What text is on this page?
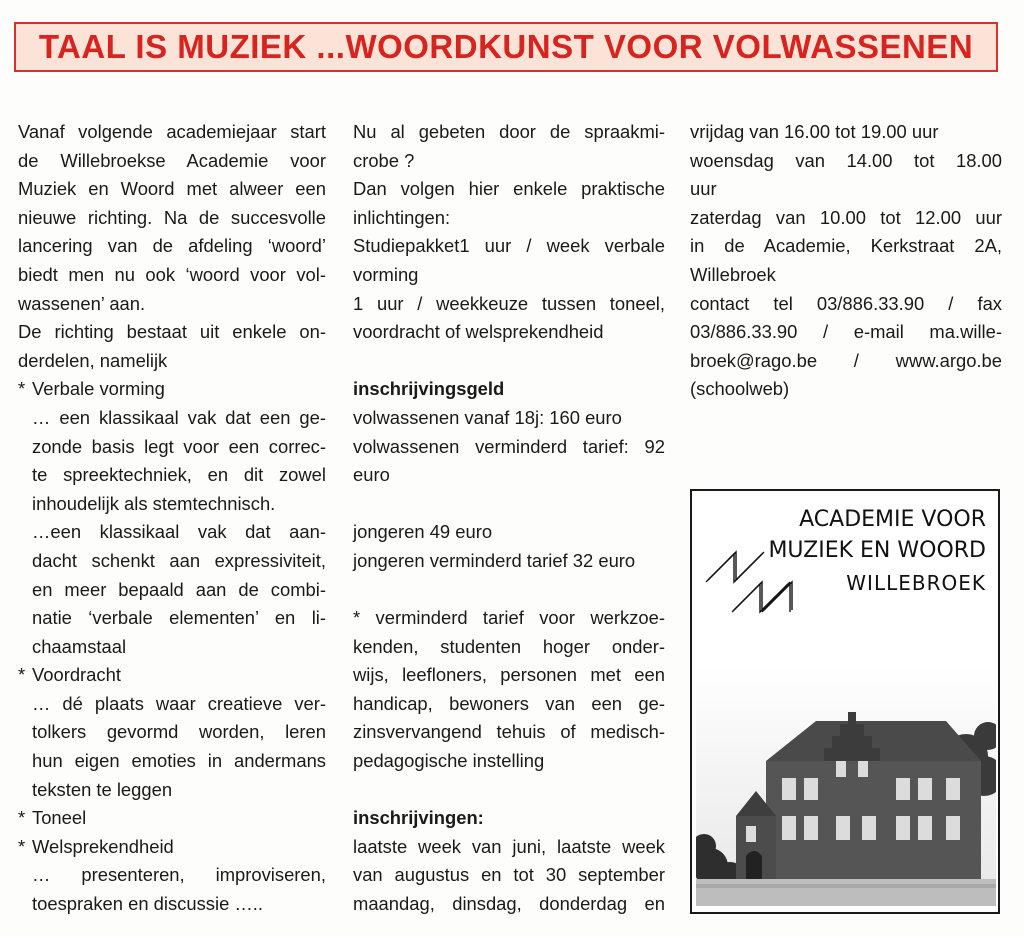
TAAL IS MUZIEK ...WOORDKUNST VOOR VOLWASSENEN

Vanaf volgende academiejaar start

de Willebroekse Academie voor

Muziek en Woord met alweer een

nieuwe richting. Na de succesvolle

lancering van de afdeling ‘woord’

biedt men nu ook ‘woord voor vol-

wassenen’ aan.

De richting bestaat uit enkele on-

derdelen, namelijk

* Verbale vorming

… een klassikaal vak dat een ge-

zonde basis legt voor een correc-

te spreektechniek, en dit zowel

inhoudelijk als stemtechnisch.

…een klassikaal vak dat aan-

dacht schenkt aan expressiviteit,

en meer bepaald aan de combi-

natie ‘verbale elementen’ en li-

chaamstaal

* Voordracht

… dé plaats waar creatieve ver-

tolkers gevormd worden, leren

hun eigen emoties in andermans

teksten te leggen

* Toneel
* Welsprekendheid

… presenteren, improviseren,

toespraken en discussie …..

Nu al gebeten door de spraakmi-

crobe ?

Dan volgen hier enkele praktische

inlichtingen:

Studiepakket1 uur / week verbale

vorming

1 uur / weekkeuze tussen toneel,

voordracht of welsprekendheid

inschrijvingsgeld

volwassenen vanaf 18j: 160 euro

volwassenen verminderd tarief: 92

euro

jongeren 49 euro

jongeren verminderd tarief 32 euro

* verminderd tarief voor werkzoe-

kenden, studenten hoger onder-

wijs, leefloners, personen met een

handicap, bewoners van een ge-

zinsvervangend tehuis of medisch-

pedagogische instelling

inschrijvingen:

laatste week van juni, laatste week

van augustus en tot 30 september

maandag, dinsdag, donderdag en

vrijdag van 16.00 tot 19.00 uur

woensdag van 14.00 tot 18.00

uur

zaterdag van 10.00 tot 12.00 uur

in de Academie, Kerkstraat 2A,

Willebroek

contact tel 03/886.33.90 / fax

03/886.33.90 / e-mail ma.wille-

broek@rago.be / www.argo.be

(schoolweb)

ACADEMIE VOOR
MUZIEK EN WOORD
WILLEBROEK
